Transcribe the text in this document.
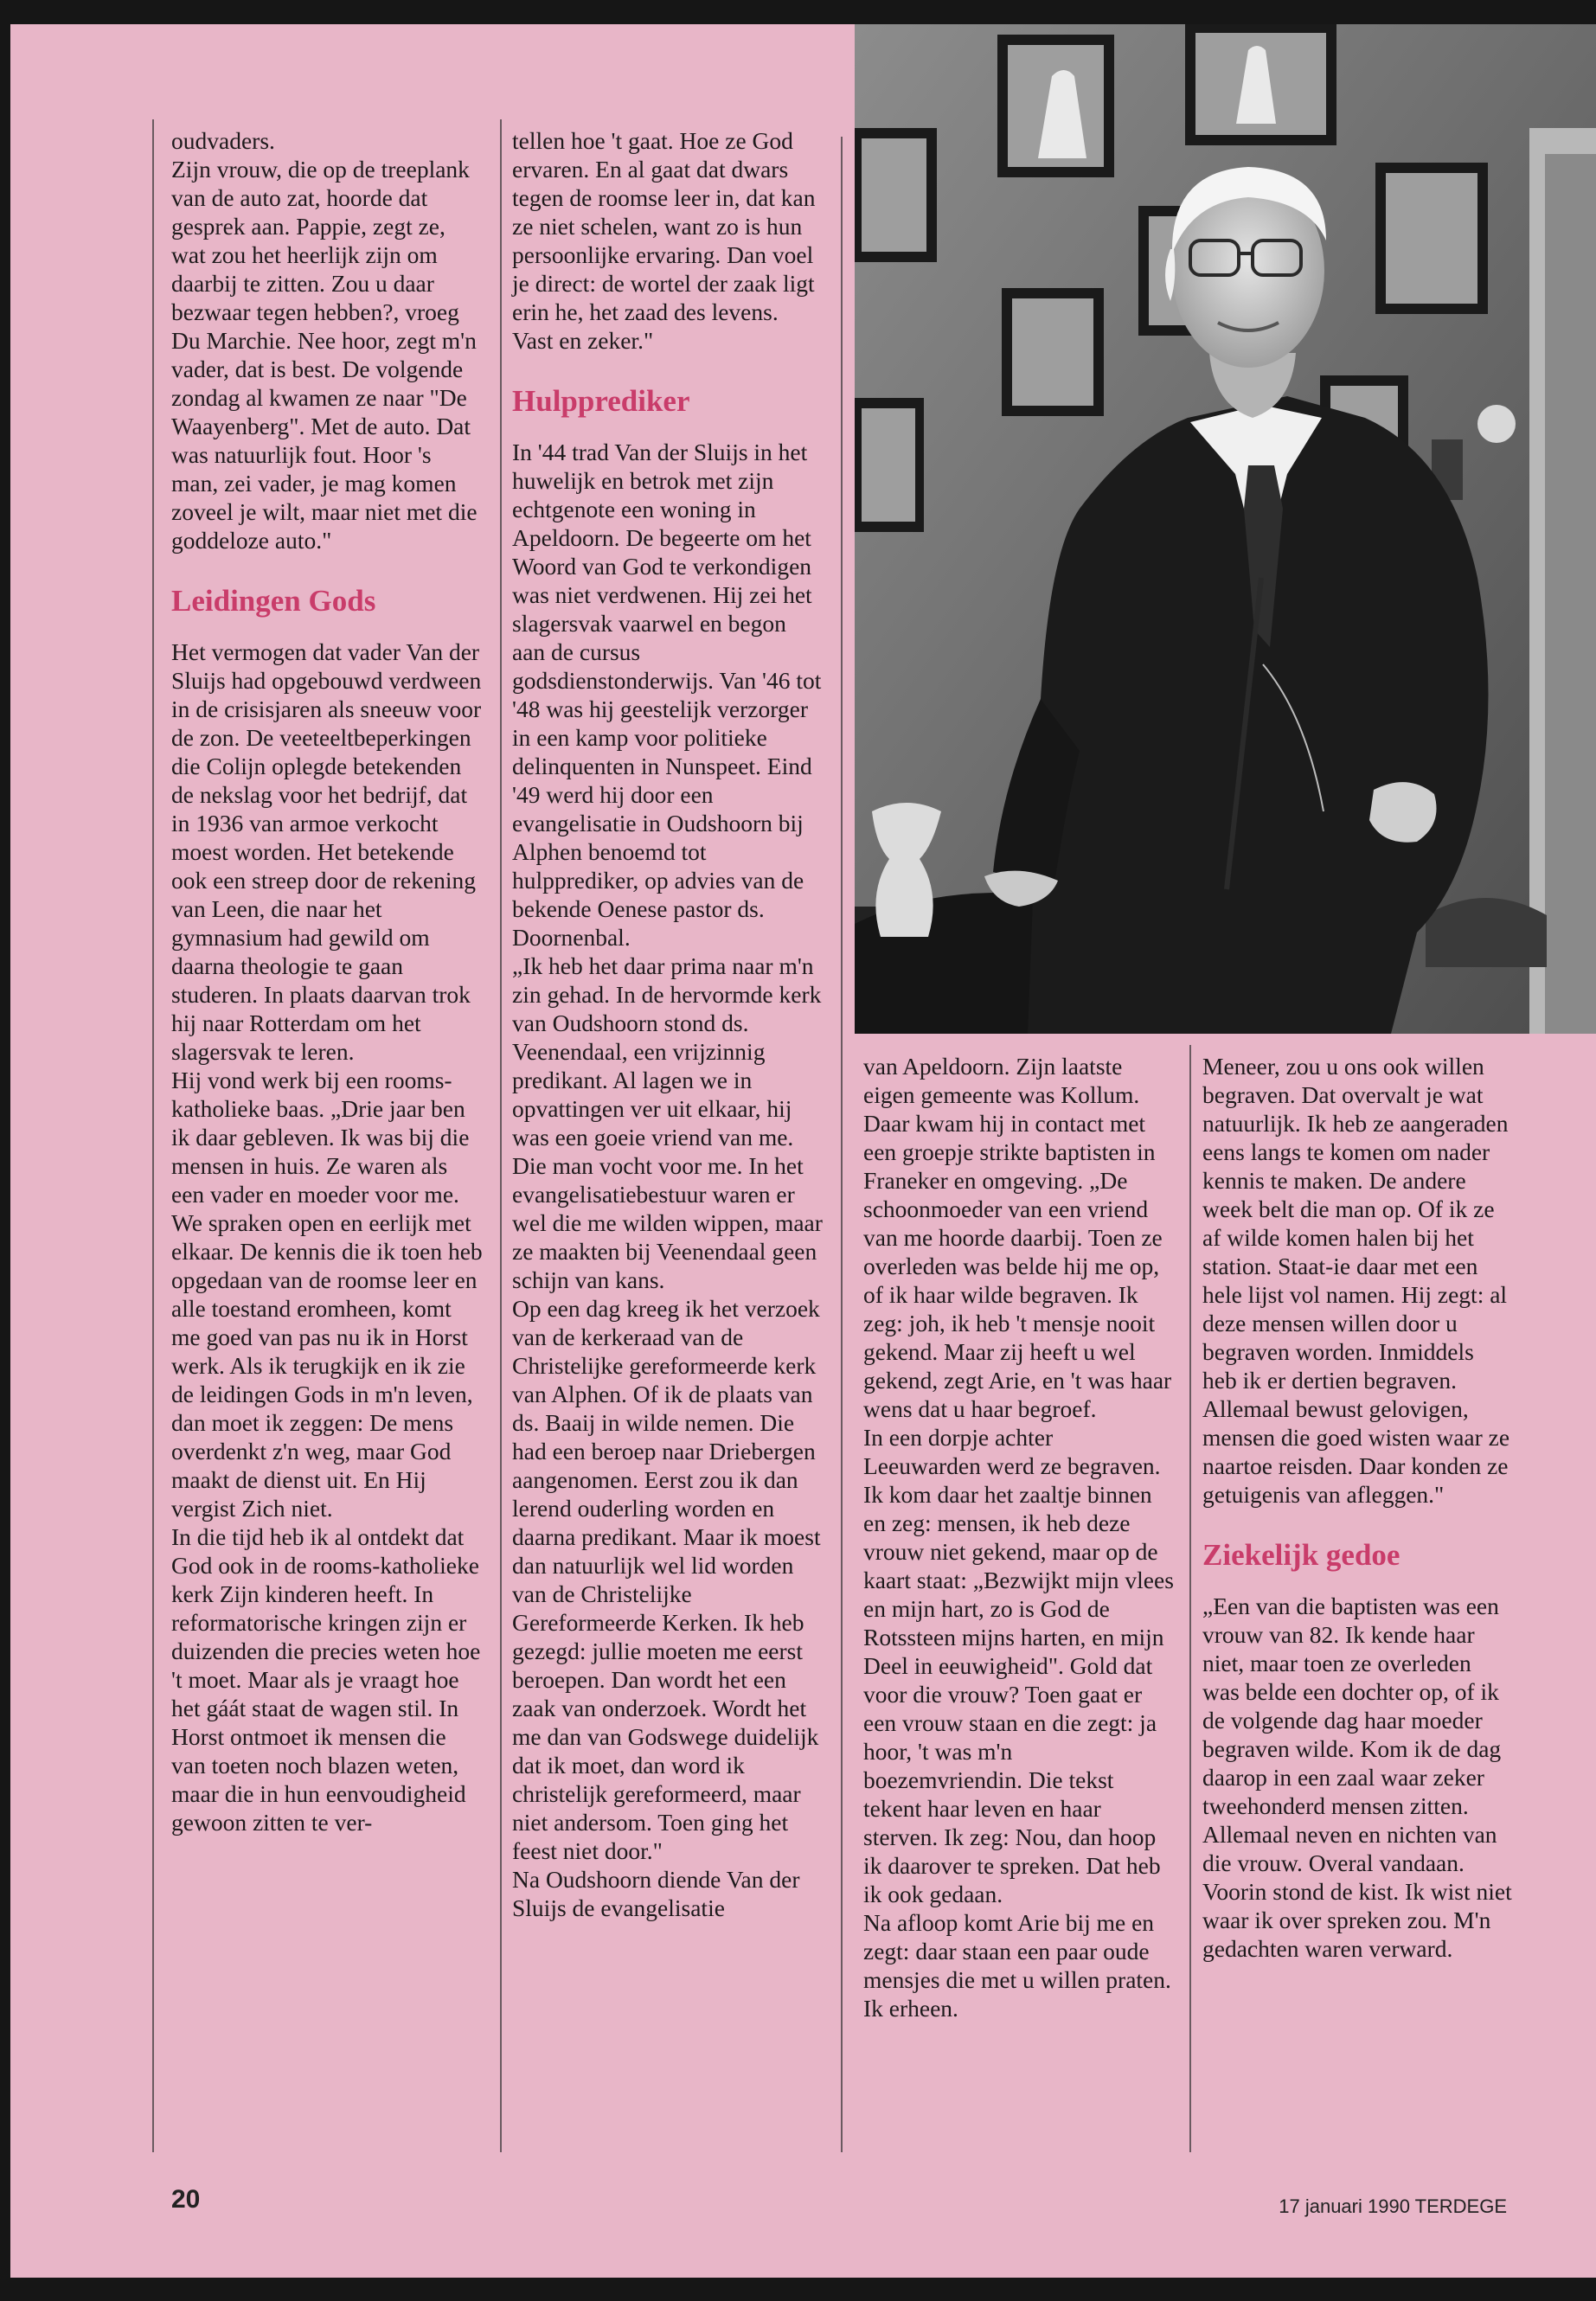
oudvaders.

Zijn vrouw, die op de treeplank van de auto zat, hoorde dat gesprek aan. Pappie, zegt ze, wat zou het heerlijk zijn om daarbij te zitten. Zou u daar bezwaar tegen hebben?, vroeg Du Marchie. Nee hoor, zegt m'n vader, dat is best. De volgende zondag al kwamen ze naar "De Waayenberg". Met de auto. Dat was natuurlijk fout. Hoor 's man, zei vader, je mag komen zoveel je wilt, maar niet met die goddeloze auto."

Leidingen Gods

Het vermogen dat vader Van der Sluijs had opgebouwd verdween in de crisisjaren als sneeuw voor de zon. De veeteeltbeperkingen die Colijn oplegde betekenden de nekslag voor het bedrijf, dat in 1936 van armoe verkocht moest worden. Het betekende ook een streep door de rekening van Leen, die naar het gymnasium had gewild om daarna theologie te gaan studeren. In plaats daarvan trok hij naar Rotterdam om het slagersvak te leren.

Hij vond werk bij een rooms-katholieke baas. „Drie jaar ben ik daar gebleven. Ik was bij die mensen in huis. Ze waren als een vader en moeder voor me. We spraken open en eerlijk met elkaar. De kennis die ik toen heb opgedaan van de roomse leer en alle toestand eromheen, komt me goed van pas nu ik in Horst werk. Als ik terugkijk en ik zie de leidingen Gods in m'n leven, dan moet ik zeggen: De mens overdenkt z'n weg, maar God maakt de dienst uit. En Hij vergist Zich niet.

In die tijd heb ik al ontdekt dat God ook in de rooms-katholieke kerk Zijn kinderen heeft. In reformatorische kringen zijn er duizenden die precies weten hoe 't moet. Maar als je vraagt hoe het gáát staat de wagen stil. In Horst ontmoet ik mensen die van toeten noch blazen weten, maar die in hun eenvoudigheid gewoon zitten te ver-

tellen hoe 't gaat. Hoe ze God ervaren. En al gaat dat dwars tegen de roomse leer in, dat kan ze niet schelen, want zo is hun persoonlijke ervaring. Dan voel je direct: de wortel der zaak ligt erin he, het zaad des levens. Vast en zeker."

Hulpprediker

In '44 trad Van der Sluijs in het huwelijk en betrok met zijn echtgenote een woning in Apeldoorn. De begeerte om het Woord van God te verkondigen was niet verdwenen. Hij zei het slagersvak vaarwel en begon aan de cursus godsdienstonderwijs. Van '46 tot '48 was hij geestelijk verzorger in een kamp voor politieke delinquenten in Nunspeet. Eind '49 werd hij door een evangelisatie in Oudshoorn bij Alphen benoemd tot hulpprediker, op advies van de bekende Oenese pastor ds. Doornenbal.

„Ik heb het daar prima naar m'n zin gehad. In de hervormde kerk van Oudshoorn stond ds. Veenendaal, een vrijzinnig predikant. Al lagen we in opvattingen ver uit elkaar, hij was een goeie vriend van me. Die man vocht voor me. In het evangelisatiebestuur waren er wel die me wilden wippen, maar ze maakten bij Veenendaal geen schijn van kans.

Op een dag kreeg ik het verzoek van de kerkeraad van de Christelijke gereformeerde kerk van Alphen. Of ik de plaats van ds. Baaij in wilde nemen. Die had een beroep naar Driebergen aangenomen. Eerst zou ik dan lerend ouderling worden en daarna predikant. Maar ik moest dan natuurlijk wel lid worden van de Christelijke Gereformeerde Kerken. Ik heb gezegd: jullie moeten me eerst beroepen. Dan wordt het een zaak van onderzoek. Wordt het me dan van Godswege duidelijk dat ik moet, dan word ik christelijk gereformeerd, maar niet andersom. Toen ging het feest niet door."

Na Oudshoorn diende Van der Sluijs de evangelisatie

van Apeldoorn. Zijn laatste eigen gemeente was Kollum. Daar kwam hij in contact met een groepje strikte baptisten in Franeker en omgeving. „De schoonmoeder van een vriend van me hoorde daarbij. Toen ze overleden was belde hij me op, of ik haar wilde begraven. Ik zeg: joh, ik heb 't mensje nooit gekend. Maar zij heeft u wel gekend, zegt Arie, en 't was haar wens dat u haar begroef.

In een dorpje achter Leeuwarden werd ze begraven. Ik kom daar het zaaltje binnen en zeg: mensen, ik heb deze vrouw niet gekend, maar op de kaart staat: „Bezwijkt mijn vlees en mijn hart, zo is God de Rotssteen mijns harten, en mijn Deel in eeuwigheid". Gold dat voor die vrouw? Toen gaat er een vrouw staan en die zegt: ja hoor, 't was m'n boezemvriendin. Die tekst tekent haar leven en haar sterven. Ik zeg: Nou, dan hoop ik daarover te spreken. Dat heb ik ook gedaan.

Na afloop komt Arie bij me en zegt: daar staan een paar oude mensjes die met u willen praten. Ik erheen.

Meneer, zou u ons ook willen begraven. Dat overvalt je wat natuurlijk. Ik heb ze aangeraden eens langs te komen om nader kennis te maken. De andere week belt die man op. Of ik ze af wilde komen halen bij het station. Staat-ie daar met een hele lijst vol namen. Hij zegt: al deze mensen willen door u begraven worden. Inmiddels heb ik er dertien begraven. Allemaal bewust gelovigen, mensen die goed wisten waar ze naartoe reisden. Daar konden ze getuigenis van afleggen."

Ziekelijk gedoe

„Een van die baptisten was een vrouw van 82. Ik kende haar niet, maar toen ze overleden was belde een dochter op, of ik de volgende dag haar moeder begraven wilde. Kom ik de dag daarop in een zaal waar zeker tweehonderd mensen zitten. Allemaal neven en nichten van die vrouw. Overal vandaan. Voorin stond de kist. Ik wist niet waar ik over spreken zou. M'n gedachten waren verward.

20	17 januari 1990 TERDEGE
